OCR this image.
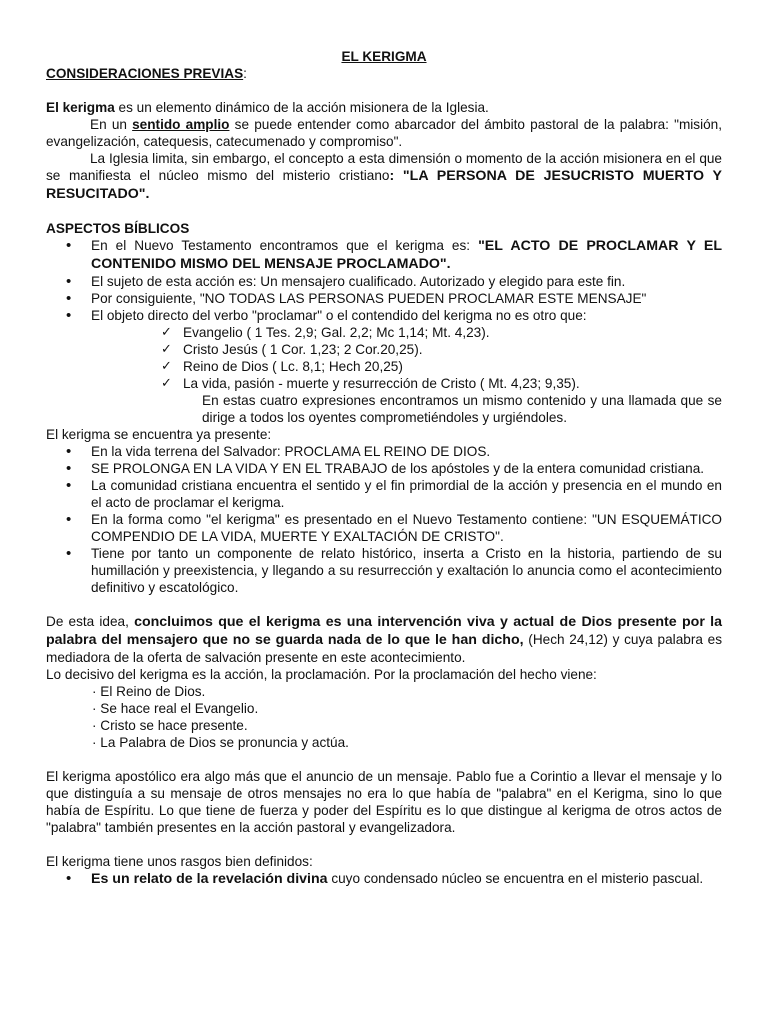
EL KERIGMA

CONSIDERACIONES PREVIAS:

El kerigma es un elemento dinámico de la acción misionera de la Iglesia.

En un sentido amplio se puede entender como abarcador del ámbito pastoral de la palabra: "misión, evangelización, catequesis, catecumenado y compromiso".

La Iglesia limita, sin embargo, el concepto a esta dimensión o momento de la acción misionera en el que se manifiesta el núcleo mismo del misterio cristiano: "LA PERSONA DE JESUCRISTO MUERTO Y RESUCITADO".

ASPECTOS BÍBLICOS

• En el Nuevo Testamento encontramos que el kerigma es: "EL ACTO DE PROCLAMAR Y EL CONTENIDO MISMO DEL MENSAJE PROCLAMADO".
• El sujeto de esta acción es: Un mensajero cualificado. Autorizado y elegido para este fin.
• Por consiguiente, "NO TODAS LAS PERSONAS PUEDEN PROCLAMAR ESTE MENSAJE"
• El objeto directo del verbo "proclamar" o el contendido del kerigma no es otro que:
✓ Evangelio ( 1 Tes. 2,9; Gal. 2,2; Mc 1,14; Mt. 4,23).
✓ Cristo Jesús ( 1 Cor. 1,23; 2 Cor.20,25).
✓ Reino de Dios ( Lc. 8,1; Hech 20,25)
✓ La vida, pasión - muerte y resurrección de Cristo ( Mt. 4,23; 9,35).

En estas cuatro expresiones encontramos un mismo contenido y una llamada que se dirige a todos los oyentes comprometiéndoles y urgiéndoles.

El kerigma se encuentra ya presente:

• En la vida terrena del Salvador: PROCLAMA EL REINO DE DIOS.
• SE PROLONGA EN LA VIDA Y EN EL TRABAJO de los apóstoles y de la entera comunidad cristiana.
• La comunidad cristiana encuentra el sentido y el fin primordial de la acción y presencia en el mundo en el acto de proclamar el kerigma.
• En la forma como "el kerigma" es presentado en el Nuevo Testamento contiene: "UN ESQUEMÁTICO COMPENDIO DE LA VIDA, MUERTE Y EXALTACIÓN DE CRISTO".
• Tiene por tanto un componente de relato histórico, inserta a Cristo en la historia, partiendo de su humillación y preexistencia, y llegando a su resurrección y exaltación lo anuncia como el acontecimiento definitivo y escatológico.

De esta idea, concluimos que el kerigma es una intervención viva y actual de Dios presente por la palabra del mensajero que no se guarda nada de lo que le han dicho, (Hech 24,12) y cuya palabra es mediadora de la oferta de salvación presente en este acontecimiento.

Lo decisivo del kerigma es la acción, la proclamación. Por la proclamación del hecho viene:

· El Reino de Dios.

· Se hace real el Evangelio.

· Cristo se hace presente.

· La Palabra de Dios se pronuncia y actúa.

El kerigma apostólico era algo más que el anuncio de un mensaje. Pablo fue a Corintio a llevar el mensaje y lo que distinguía a su mensaje de otros mensajes no era lo que había de "palabra" en el Kerigma, sino lo que había de Espíritu. Lo que tiene de fuerza y poder del Espíritu es lo que distingue al kerigma de otros actos de "palabra" también presentes en la acción pastoral y evangelizadora.

El kerigma tiene unos rasgos bien definidos:

• Es un relato de la revelación divina cuyo condensado núcleo se encuentra en el misterio pascual.
